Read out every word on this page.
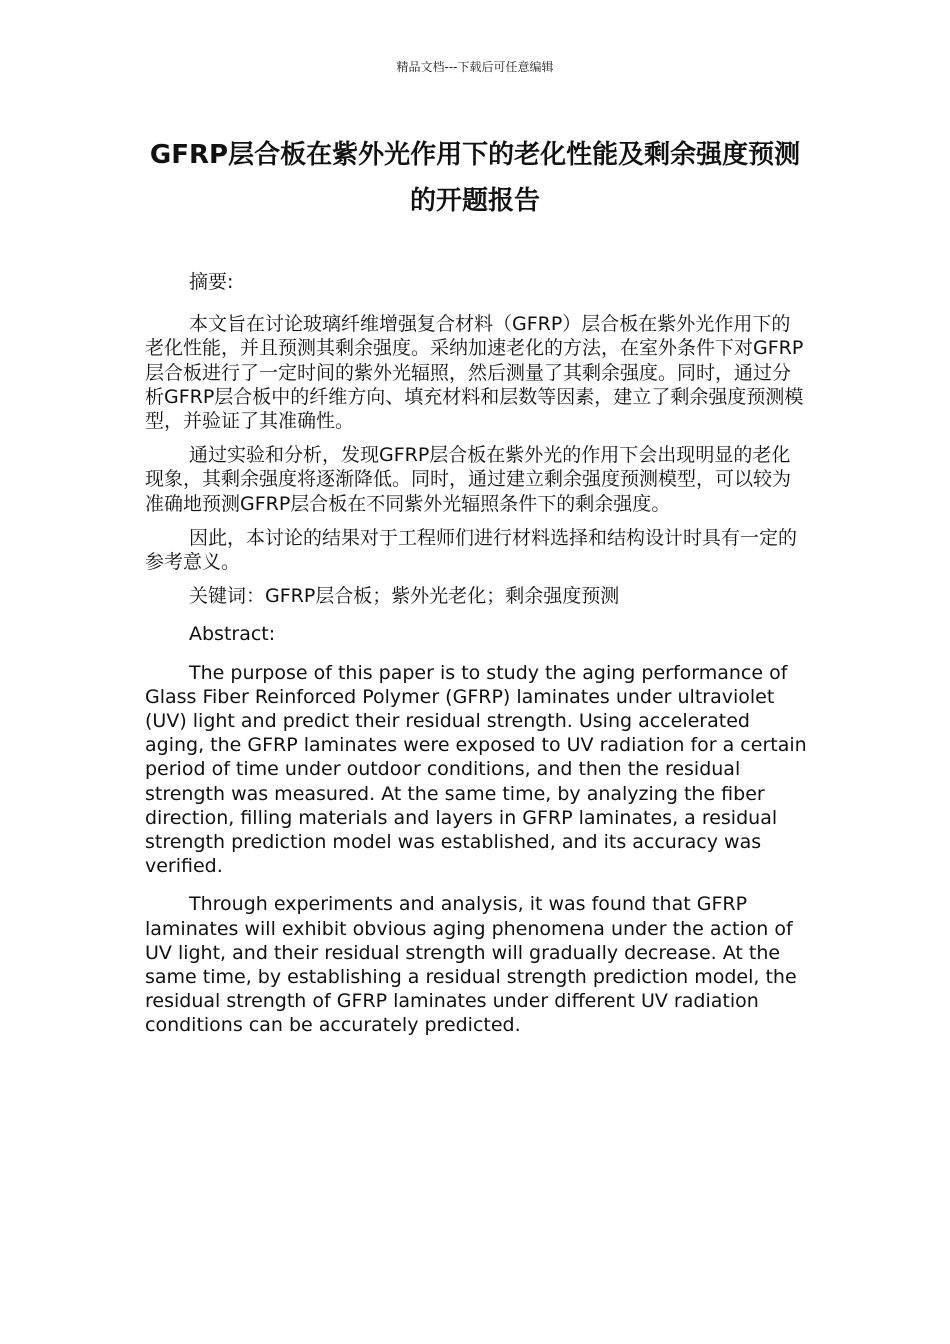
精品文档---下载后可任意编辑
GFRP层合板在紫外光作用下的老化性能及剩余强度预测的开题报告

摘要:

本文旨在讨论玻璃纤维增强复合材料（GFRP）层合板在紫外光作用下的老化性能，并且预测其剩余强度。采纳加速老化的方法，在室外条件下对GFRP层合板进行了一定时间的紫外光辐照，然后测量了其剩余强度。同时，通过分析GFRP层合板中的纤维方向、填充材料和层数等因素，建立了剩余强度预测模型，并验证了其准确性。

通过实验和分析，发现GFRP层合板在紫外光的作用下会出现明显的老化现象，其剩余强度将逐渐降低。同时，通过建立剩余强度预测模型，可以较为准确地预测GFRP层合板在不同紫外光辐照条件下的剩余强度。

因此，本讨论的结果对于工程师们进行材料选择和结构设计时具有一定的参考意义。

关键词：GFRP层合板；紫外光老化；剩余强度预测

Abstract:

The purpose of this paper is to study the aging performance of Glass Fiber Reinforced Polymer (GFRP) laminates under ultraviolet (UV) light and predict their residual strength. Using accelerated aging, the GFRP laminates were exposed to UV radiation for a certain period of time under outdoor conditions, and then the residual strength was measured. At the same time, by analyzing the fiber direction, filling materials and layers in GFRP laminates, a residual strength prediction model was established, and its accuracy was verified.

Through experiments and analysis, it was found that GFRP laminates will exhibit obvious aging phenomena under the action of UV light, and their residual strength will gradually decrease. At the same time, by establishing a residual strength prediction model, the residual strength of GFRP laminates under different UV radiation conditions can be accurately predicted.
